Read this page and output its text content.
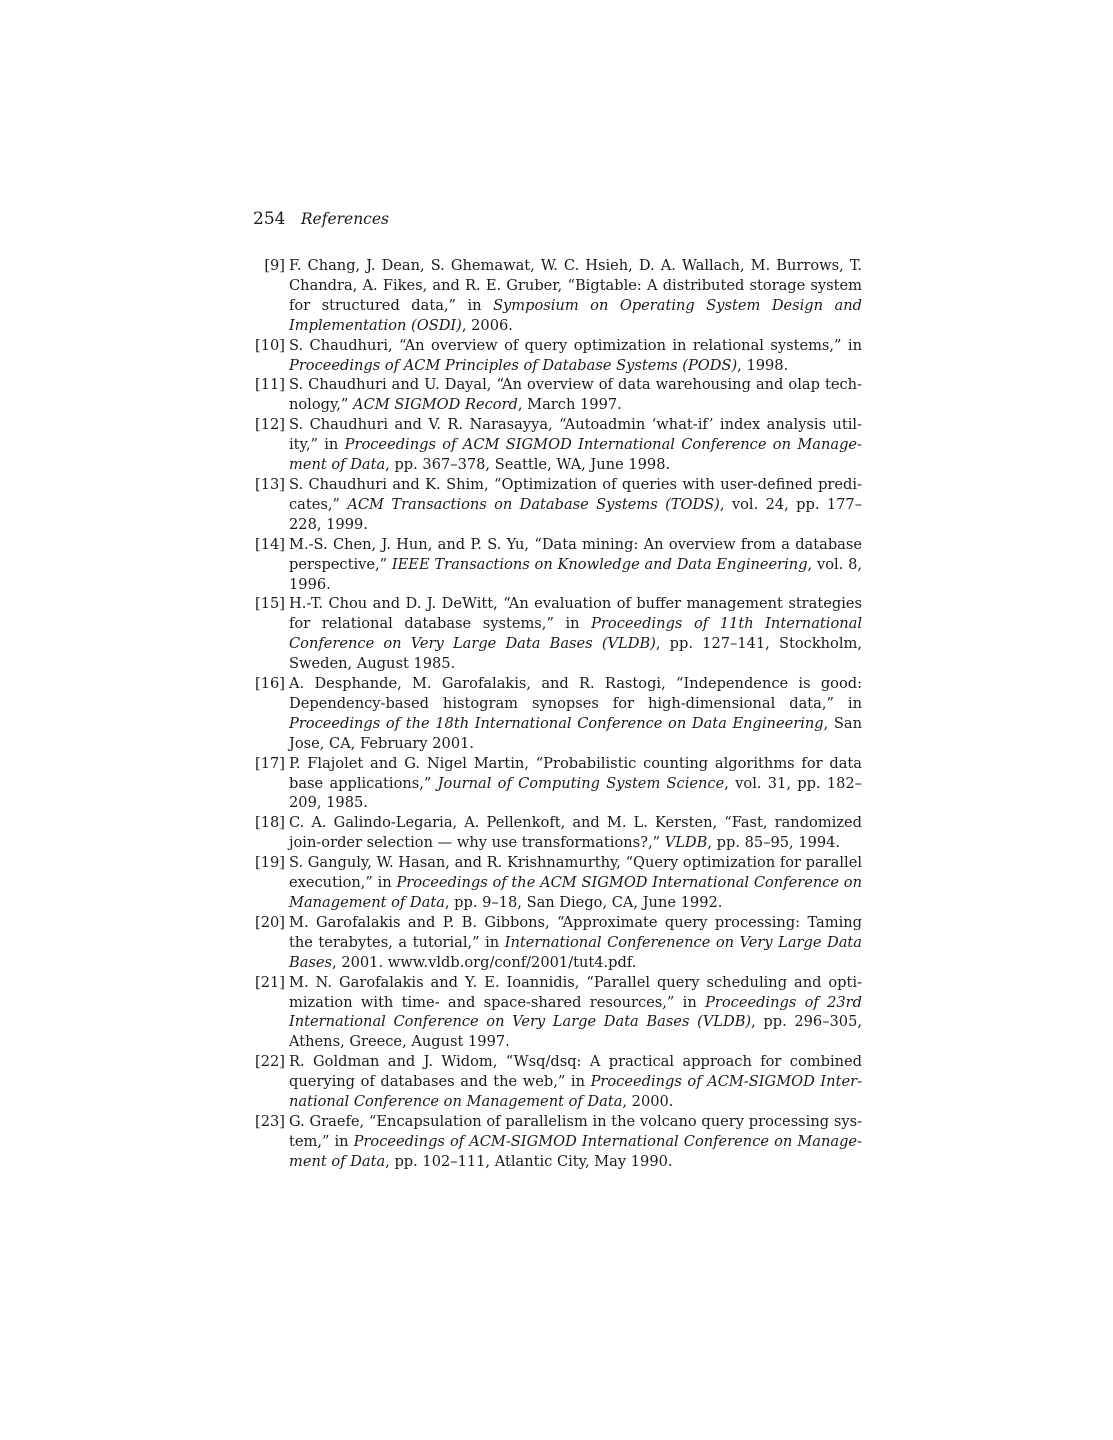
254 References
[9] F. Chang, J. Dean, S. Ghemawat, W. C. Hsieh, D. A. Wallach, M. Burrows, T. Chandra, A. Fikes, and R. E. Gruber, “Bigtable: A distributed storage system for structured data,” in Symposium on Operating System Design and Implementation (OSDI), 2006.
[10] S. Chaudhuri, “An overview of query optimization in relational systems,” in Proceedings of ACM Principles of Database Systems (PODS), 1998.
[11] S. Chaudhuri and U. Dayal, “An overview of data warehousing and olap technology,” ACM SIGMOD Record, March 1997.
[12] S. Chaudhuri and V. R. Narasayya, “Autoadmin ‘what-if’ index analysis utility,” in Proceedings of ACM SIGMOD International Conference on Management of Data, pp. 367–378, Seattle, WA, June 1998.
[13] S. Chaudhuri and K. Shim, “Optimization of queries with user-defined predicates,” ACM Transactions on Database Systems (TODS), vol. 24, pp. 177–228, 1999.
[14] M.-S. Chen, J. Hun, and P. S. Yu, “Data mining: An overview from a database perspective,” IEEE Transactions on Knowledge and Data Engineering, vol. 8, 1996.
[15] H.-T. Chou and D. J. DeWitt, “An evaluation of buffer management strategies for relational database systems,” in Proceedings of 11th International Conference on Very Large Data Bases (VLDB), pp. 127–141, Stockholm, Sweden, August 1985.
[16] A. Desphande, M. Garofalakis, and R. Rastogi, “Independence is good: Dependency-based histogram synopses for high-dimensional data,” in Proceedings of the 18th International Conference on Data Engineering, San Jose, CA, February 2001.
[17] P. Flajolet and G. Nigel Martin, “Probabilistic counting algorithms for data base applications,” Journal of Computing System Science, vol. 31, pp. 182–209, 1985.
[18] C. A. Galindo-Legaria, A. Pellenkoft, and M. L. Kersten, “Fast, randomized join-order selection — why use transformations?,” VLDB, pp. 85–95, 1994.
[19] S. Ganguly, W. Hasan, and R. Krishnamurthy, “Query optimization for parallel execution,” in Proceedings of the ACM SIGMOD International Conference on Management of Data, pp. 9–18, San Diego, CA, June 1992.
[20] M. Garofalakis and P. B. Gibbons, “Approximate query processing: Taming the terabytes, a tutorial,” in International Conferenence on Very Large Data Bases, 2001. www.vldb.org/conf/2001/tut4.pdf.
[21] M. N. Garofalakis and Y. E. Ioannidis, “Parallel query scheduling and optimization with time- and space-shared resources,” in Proceedings of 23rd International Conference on Very Large Data Bases (VLDB), pp. 296–305, Athens, Greece, August 1997.
[22] R. Goldman and J. Widom, “Wsq/dsq: A practical approach for combined querying of databases and the web,” in Proceedings of ACM-SIGMOD International Conference on Management of Data, 2000.
[23] G. Graefe, “Encapsulation of parallelism in the volcano query processing system,” in Proceedings of ACM-SIGMOD International Conference on Management of Data, pp. 102–111, Atlantic City, May 1990.
